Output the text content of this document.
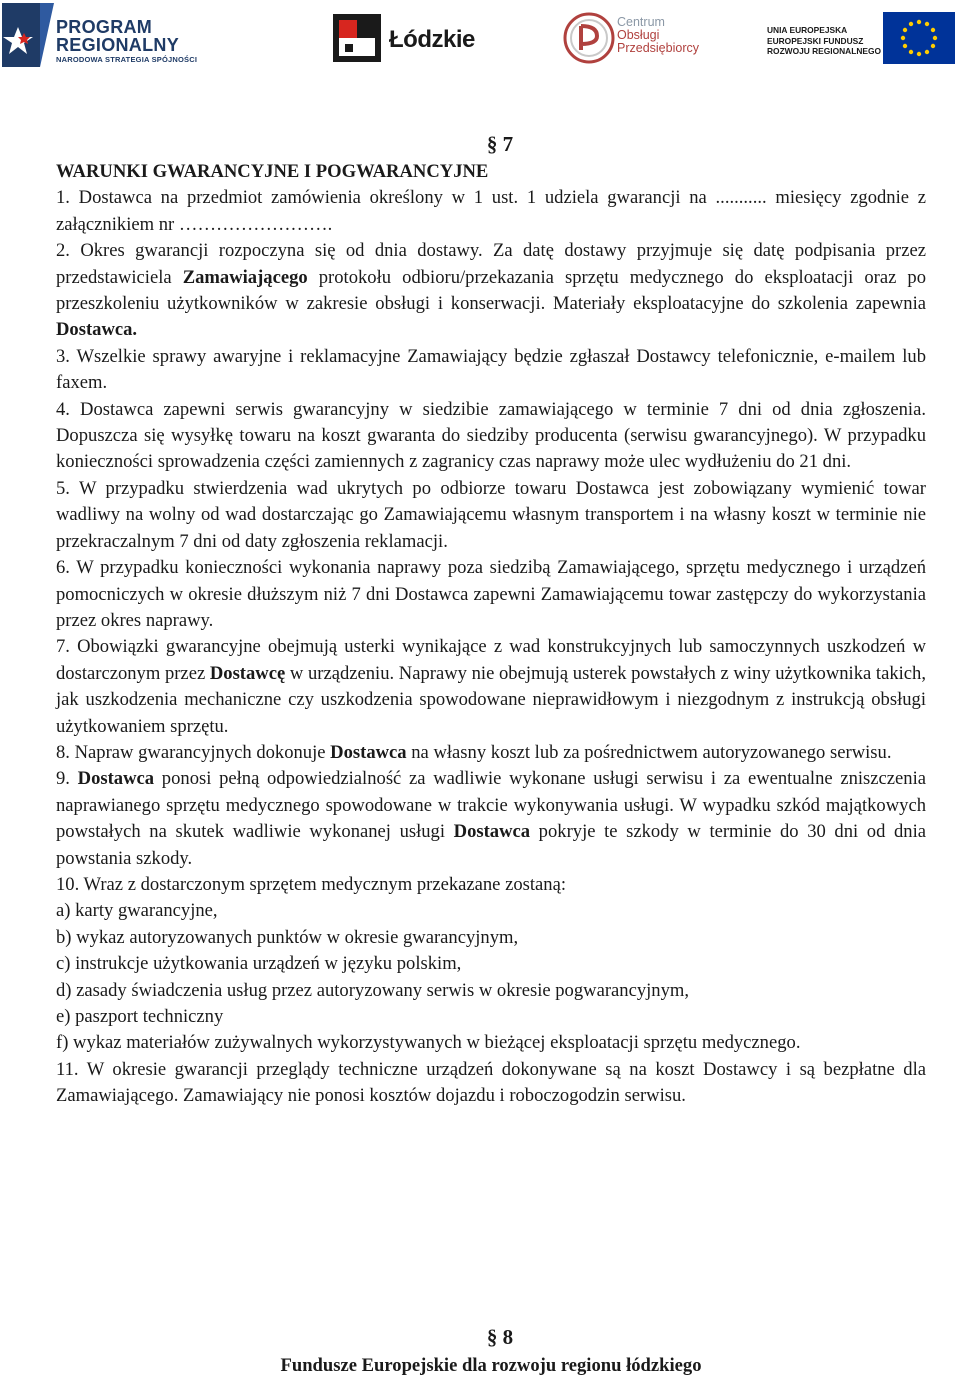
PROGRAM
REGIONALNY
NARODOWA STRATEGIA SPÓJNOŚCI
Łódzkie
Centrum
Obsługi
Przedsiębiorcy
UNIA EUROPEJSKA
EUROPEJSKI FUNDUSZ
ROZWOJU REGIONALNEGO
§ 7
WARUNKI GWARANCYJNE I POGWARANCYJNE

1. Dostawca na przedmiot zamówienia określony w 1 ust. 1 udziela gwarancji na ........... miesięcy zgodnie z załącznikiem nr …………………….

2. Okres gwarancji rozpoczyna się od dnia dostawy. Za datę dostawy przyjmuje się datę podpisania przez przedstawiciela Zamawiającego protokołu odbioru/przekazania sprzętu medycznego do eksploatacji oraz po przeszkoleniu użytkowników w zakresie obsługi i konserwacji. Materiały eksploatacyjne do szkolenia zapewnia Dostawca.

3. Wszelkie sprawy awaryjne i reklamacyjne Zamawiający będzie zgłaszał Dostawcy telefonicznie, e-mailem lub faxem.

4. Dostawca zapewni serwis gwarancyjny w siedzibie zamawiającego w terminie 7 dni od dnia zgłoszenia. Dopuszcza się wysyłkę towaru na koszt gwaranta do siedziby producenta (serwisu gwarancyjnego). W przypadku konieczności sprowadzenia części zamiennych z zagranicy czas naprawy może ulec wydłużeniu do 21 dni.

5. W przypadku stwierdzenia wad ukrytych po odbiorze towaru Dostawca jest zobowiązany wymienić towar wadliwy na wolny od wad dostarczając go Zamawiającemu własnym transportem i na własny koszt w terminie nie przekraczalnym 7 dni od daty zgłoszenia reklamacji.

6. W przypadku konieczności wykonania naprawy poza siedzibą Zamawiającego, sprzętu medycznego i urządzeń pomocniczych w okresie dłuższym niż 7 dni Dostawca zapewni Zamawiającemu towar zastępczy do wykorzystania przez okres naprawy.

7. Obowiązki gwarancyjne obejmują usterki wynikające z wad konstrukcyjnych lub samoczynnych uszkodzeń w dostarczonym przez Dostawcę w urządzeniu. Naprawy nie obejmują usterek powstałych z winy użytkownika takich, jak uszkodzenia mechaniczne czy uszkodzenia spowodowane nieprawidłowym i niezgodnym z instrukcją obsługi użytkowaniem sprzętu.

8. Napraw gwarancyjnych dokonuje Dostawca na własny koszt lub za pośrednictwem autoryzowanego serwisu.

9. Dostawca ponosi pełną odpowiedzialność za wadliwie wykonane usługi serwisu i za ewentualne zniszczenia naprawianego sprzętu medycznego spowodowane w trakcie wykonywania usługi. W wypadku szkód majątkowych powstałych na skutek wadliwie wykonanej usługi Dostawca pokryje te szkody w terminie do 30 dni od dnia powstania szkody.

10. Wraz z dostarczonym sprzętem medycznym przekazane zostaną:

a) karty gwarancyjne,

b) wykaz autoryzowanych punktów w okresie gwarancyjnym,

c) instrukcje użytkowania urządzeń w języku polskim,

d) zasady świadczenia usług przez autoryzowany serwis w okresie pogwarancyjnym,

e) paszport techniczny

f) wykaz materiałów zużywalnych wykorzystywanych w bieżącej eksploatacji sprzętu medycznego.

11. W okresie gwarancji przeglądy techniczne urządzeń dokonywane są na koszt Dostawcy i są bezpłatne dla Zamawiającego. Zamawiający nie ponosi kosztów dojazdu i roboczogodzin serwisu.

§ 8
Fundusze Europejskie dla rozwoju regionu łódzkiego
